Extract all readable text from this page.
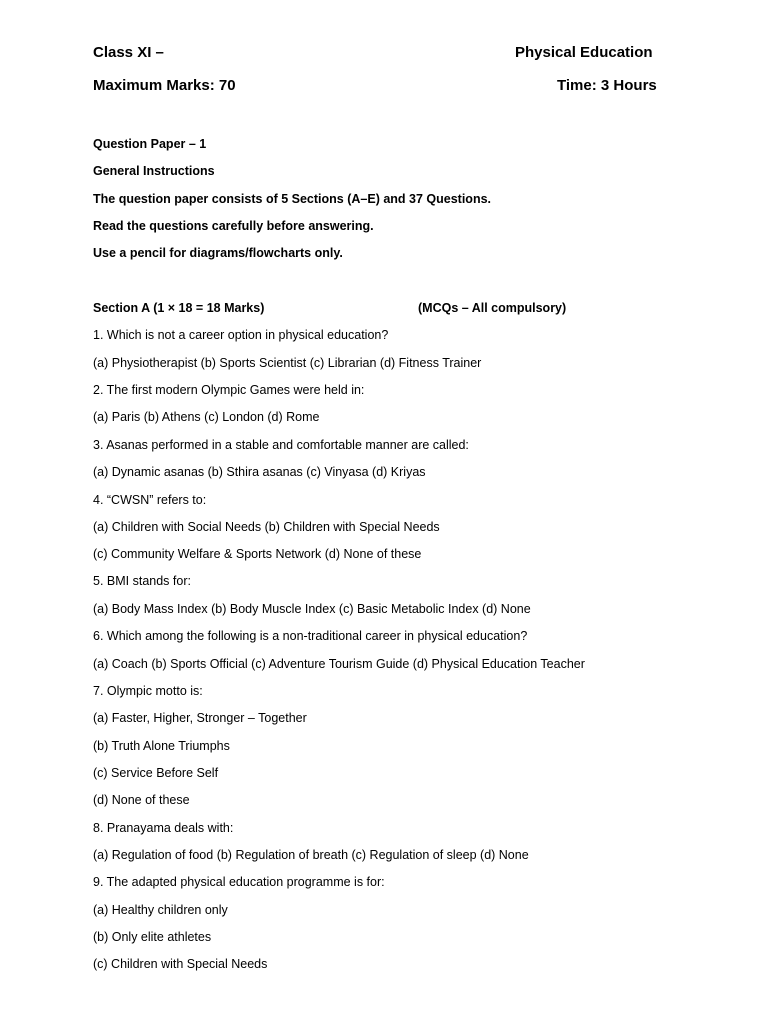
Class XI –	Physical Education
Maximum Marks: 70	Time: 3 Hours
Question Paper – 1
General Instructions
The question paper consists of 5 Sections (A–E) and 37 Questions.
Read the questions carefully before answering.
Use a pencil for diagrams/flowcharts only.
Section A (1 × 18 = 18 Marks)	(MCQs – All compulsory)
1. Which is not a career option in physical education?
(a) Physiotherapist (b) Sports Scientist (c) Librarian (d) Fitness Trainer
2. The first modern Olympic Games were held in:
(a) Paris (b) Athens (c) London (d) Rome
3. Asanas performed in a stable and comfortable manner are called:
(a) Dynamic asanas (b) Sthira asanas (c) Vinyasa (d) Kriyas
4. “CWSN” refers to:
(a) Children with Social Needs (b) Children with Special Needs
(c) Community Welfare & Sports Network (d) None of these
5. BMI stands for:
(a) Body Mass Index (b) Body Muscle Index (c) Basic Metabolic Index (d) None
6. Which among the following is a non-traditional career in physical education?
(a) Coach (b) Sports Official (c) Adventure Tourism Guide (d) Physical Education Teacher
7. Olympic motto is:
(a) Faster, Higher, Stronger – Together
(b) Truth Alone Triumphs
(c) Service Before Self
(d) None of these
8. Pranayama deals with:
(a) Regulation of food (b) Regulation of breath (c) Regulation of sleep (d) None
9. The adapted physical education programme is for:
(a) Healthy children only
(b) Only elite athletes
(c) Children with Special Needs
